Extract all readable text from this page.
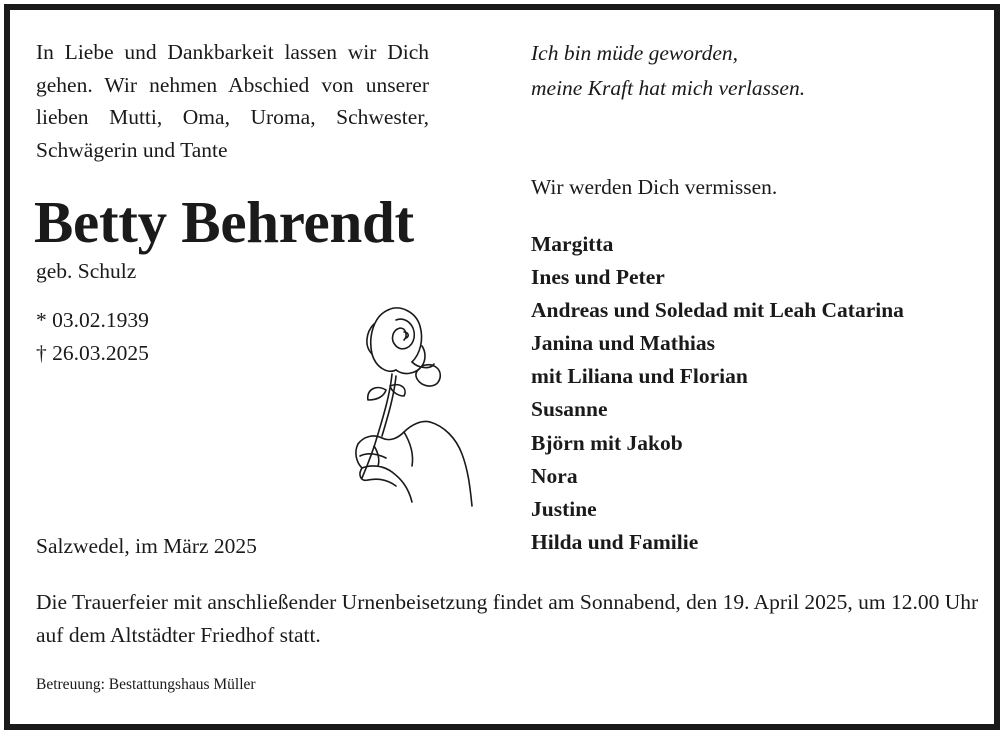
In Liebe und Dankbarkeit lassen wir Dich gehen. Wir nehmen Abschied von unserer lieben Mutti, Oma, Uroma, Schwester, Schwägerin und Tante

Betty Behrendt
geb. Schulz
* 03.02.1939
† 26.03.2025
Salzwedel, im März 2025
Ich bin müde geworden,
meine Kraft hat mich verlassen.
Wir werden Dich vermissen.
Margitta
Ines und Peter
Andreas und Soledad mit Leah Catarina
Janina und Mathias
mit Liliana und Florian
Susanne
Björn mit Jakob
Nora
Justine
Hilda und Familie

Die Trauerfeier mit anschließender Urnenbeisetzung findet am Sonnabend, den 19. April 2025, um 12.00 Uhr auf dem Altstädter Friedhof statt.

Betreuung: Bestattungshaus Müller
